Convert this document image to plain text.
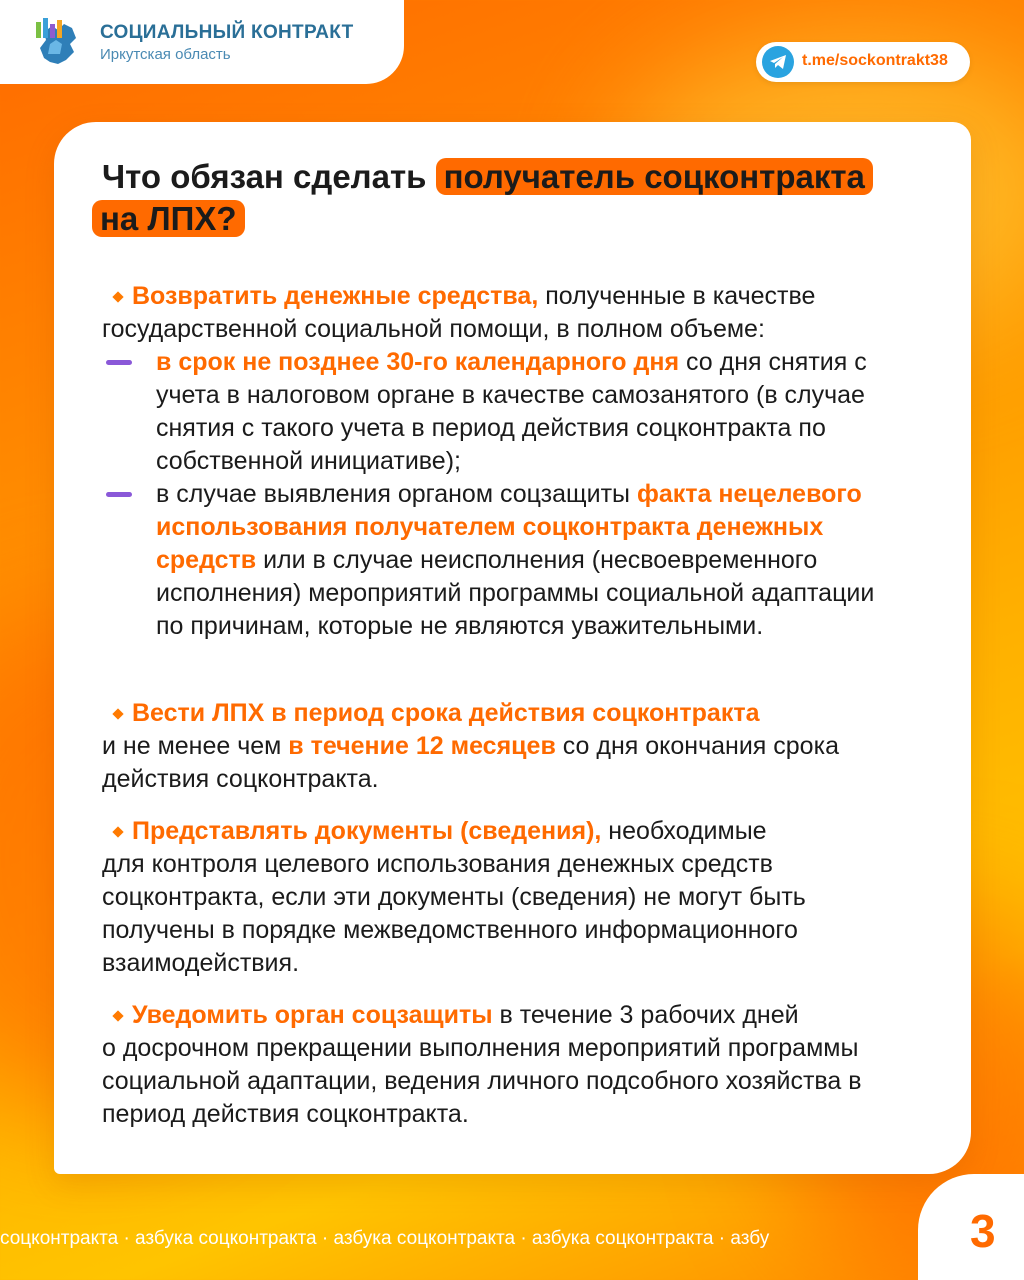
СОЦИАЛЬНЫЙ КОНТРАКТ
Иркутская область	t.me/sockontrakt38
Что обязан сделать получатель соцконтракта
на ЛПХ?

Возвратить денежные средства, полученные в качестве

государственной социальной помощи, в полном объеме:

в срок не позднее 30-го календарного дня со дня снятия с учета в налоговом органе в качестве самозанятого (в случае снятия с такого учета в период действия соцконтракта по собственной инициативе);
в случае выявления органом соцзащиты факта нецелевого использования получателем соцконтракта денежных средств или в случае неисполнения (несвоевременного исполнения) мероприятий программы социальной адаптации по причинам, которые не являются уважительными.

Вести ЛПХ в период срока действия соцконтракта

и не менее чем в течение 12 месяцев со дня окончания срока

действия соцконтракта.

Представлять документы (сведения), необходимые

для контроля целевого использования денежных средств соцконтракта, если эти документы (сведения) не могут быть получены в порядке межведомственного информационного взаимодействия.

Уведомить орган соцзащиты в течение 3 рабочих дней

о досрочном прекращении выполнения мероприятий программы социальной адаптации, ведения личного подсобного хозяйства в период действия соцконтракта.

соцконтракта · азбука соцконтракта · азбука соцконтракта · азбука соцконтракта · азбу	3
